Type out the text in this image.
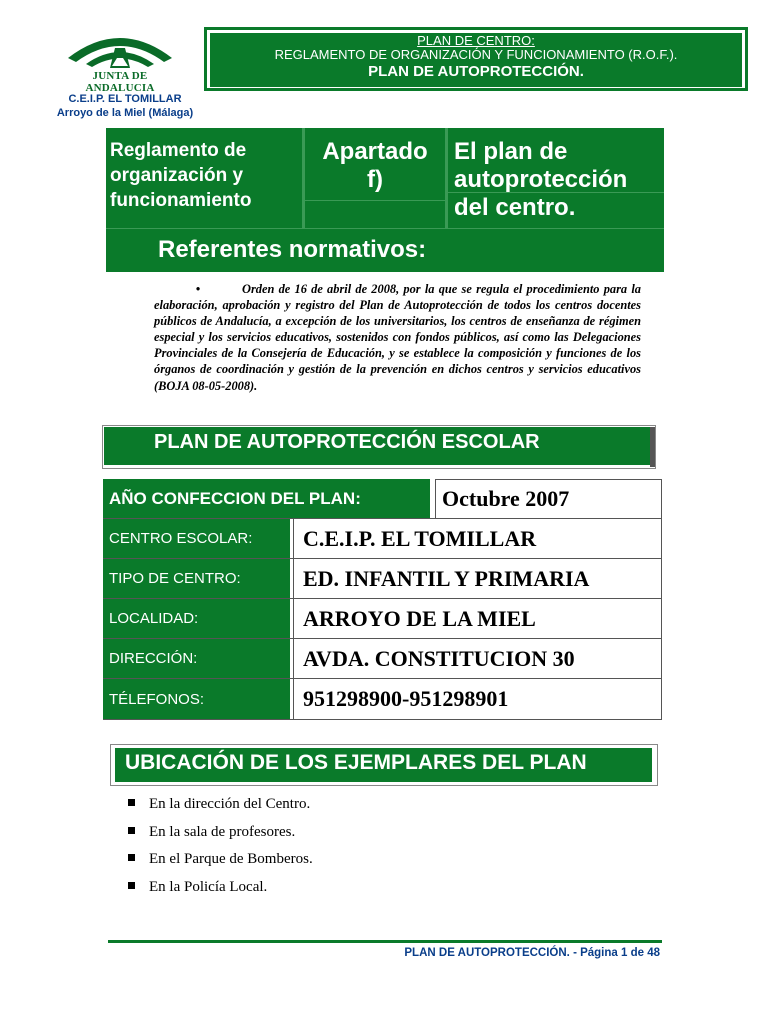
JUNTA DE ANDALUCIA
C.E.I.P. EL TOMILLAR
Arroyo de la Miel (Málaga)
PLAN DE CENTRO:
REGLAMENTO DE ORGANIZACIÓN Y FUNCIONAMIENTO (R.O.F.).
PLAN DE AUTOPROTECCIÓN.
Reglamento de
organización y
funcionamiento
Apartado
f)
El plan de
autoprotección
del centro.
Referentes normativos:
•	Orden de 16 de abril de 2008, por la que se regula el procedimiento para la elaboración, aprobación y registro del Plan de Autoprotección de todos los centros docentes públicos de Andalucía, a excepción de los universitarios, los centros de enseñanza de régimen especial y los servicios educativos, sostenidos con fondos públicos, así como las Delegaciones Provinciales de la Consejería de Educación, y se establece la composición y funciones de los órganos de coordinación y gestión de la prevención en dichos centros y servicios educativos (BOJA 08-05-2008).
PLAN DE AUTOPROTECCIÓN ESCOLAR
AÑO CONFECCION DEL PLAN:	Octubre 2007
CENTRO ESCOLAR:	C.E.I.P. EL TOMILLAR
TIPO DE CENTRO:	ED. INFANTIL Y PRIMARIA
LOCALIDAD:	ARROYO DE LA MIEL
DIRECCIÓN:	AVDA. CONSTITUCION 30
TÉLEFONOS:	951298900-951298901
UBICACIÓN DE LOS EJEMPLARES DEL PLAN
En la dirección del Centro.
En la sala de profesores.
En el Parque de Bomberos.
En la Policía Local.
PLAN DE AUTOPROTECCIÓN. - Página 1 de 48
